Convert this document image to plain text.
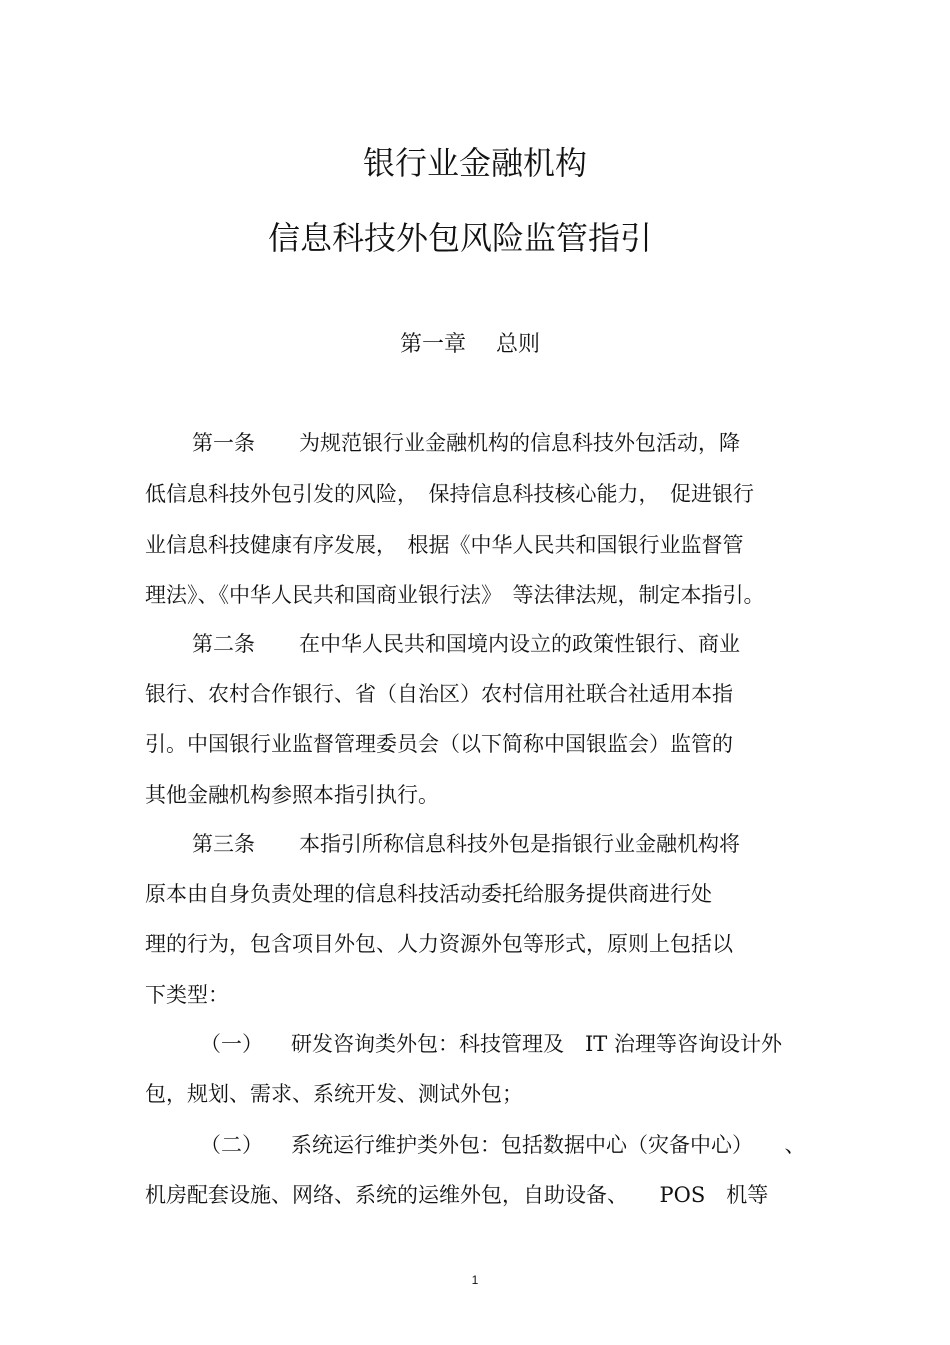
银行业金融机构
信息科技外包风险监管指引
第一章 总则
第一条 为规范银行业金融机构的信息科技外包活动，降
低信息科技外包引发的风险，　保持信息科技核心能力，　促进银行
业信息科技健康有序发展，　根据《中华人民共和国银行业监督管
理法》、《中华人民共和国商业银行法》　等法律法规，制定本指引。
第二条 在中华人民共和国境内设立的政策性银行、商业
银行、农村合作银行、省（自治区）农村信用社联合社适用本指
引。中国银行业监督管理委员会（以下简称中国银监会）监管的
其他金融机构参照本指引执行。
第三条 本指引所称信息科技外包是指银行业金融机构将
原本由自身负责处理的信息科技活动委托给服务提供商进行处
理的行为，包含项目外包、人力资源外包等形式，原则上包括以
下类型：
（一） 研发咨询类外包：科技管理及　IT 治理等咨询设计外
包，规划、需求、系统开发、测试外包；
（二） 系统运行维护类外包：包括数据中心（灾备中心）　　、
机房配套设施、网络、系统的运维外包，自助设备、　　POS　机等
1
